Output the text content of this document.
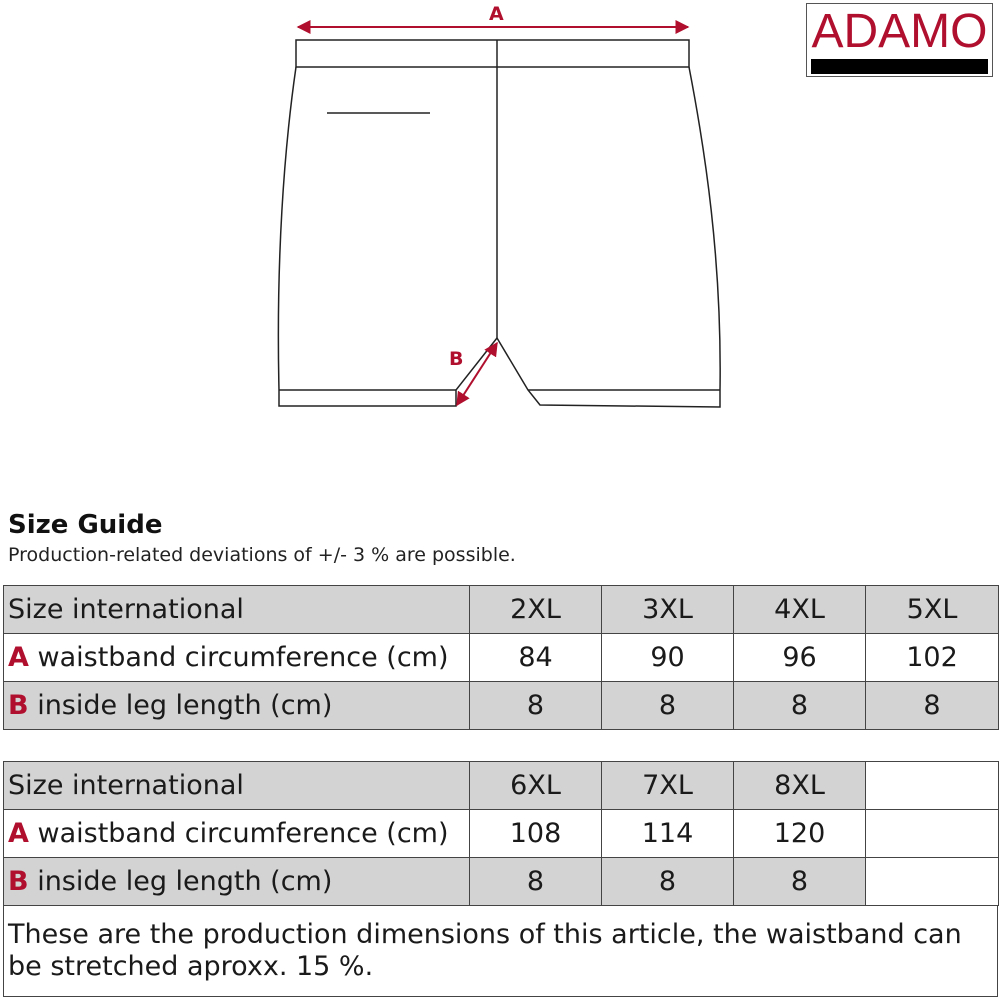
A
B
ADAMO
Size Guide
Production-related deviations of +/- 3 % are possible.
Size international	2XL	3XL	4XL	5XL
A waistband circumference (cm)	84	90	96	102
B inside leg length (cm)	8	8	8	8
Size international	6XL	7XL	8XL	
A waistband circumference (cm)	108	114	120	
B inside leg length (cm)	8	8	8	
These are the production dimensions of this article, the waistband can be stretched aproxx. 15 %.
